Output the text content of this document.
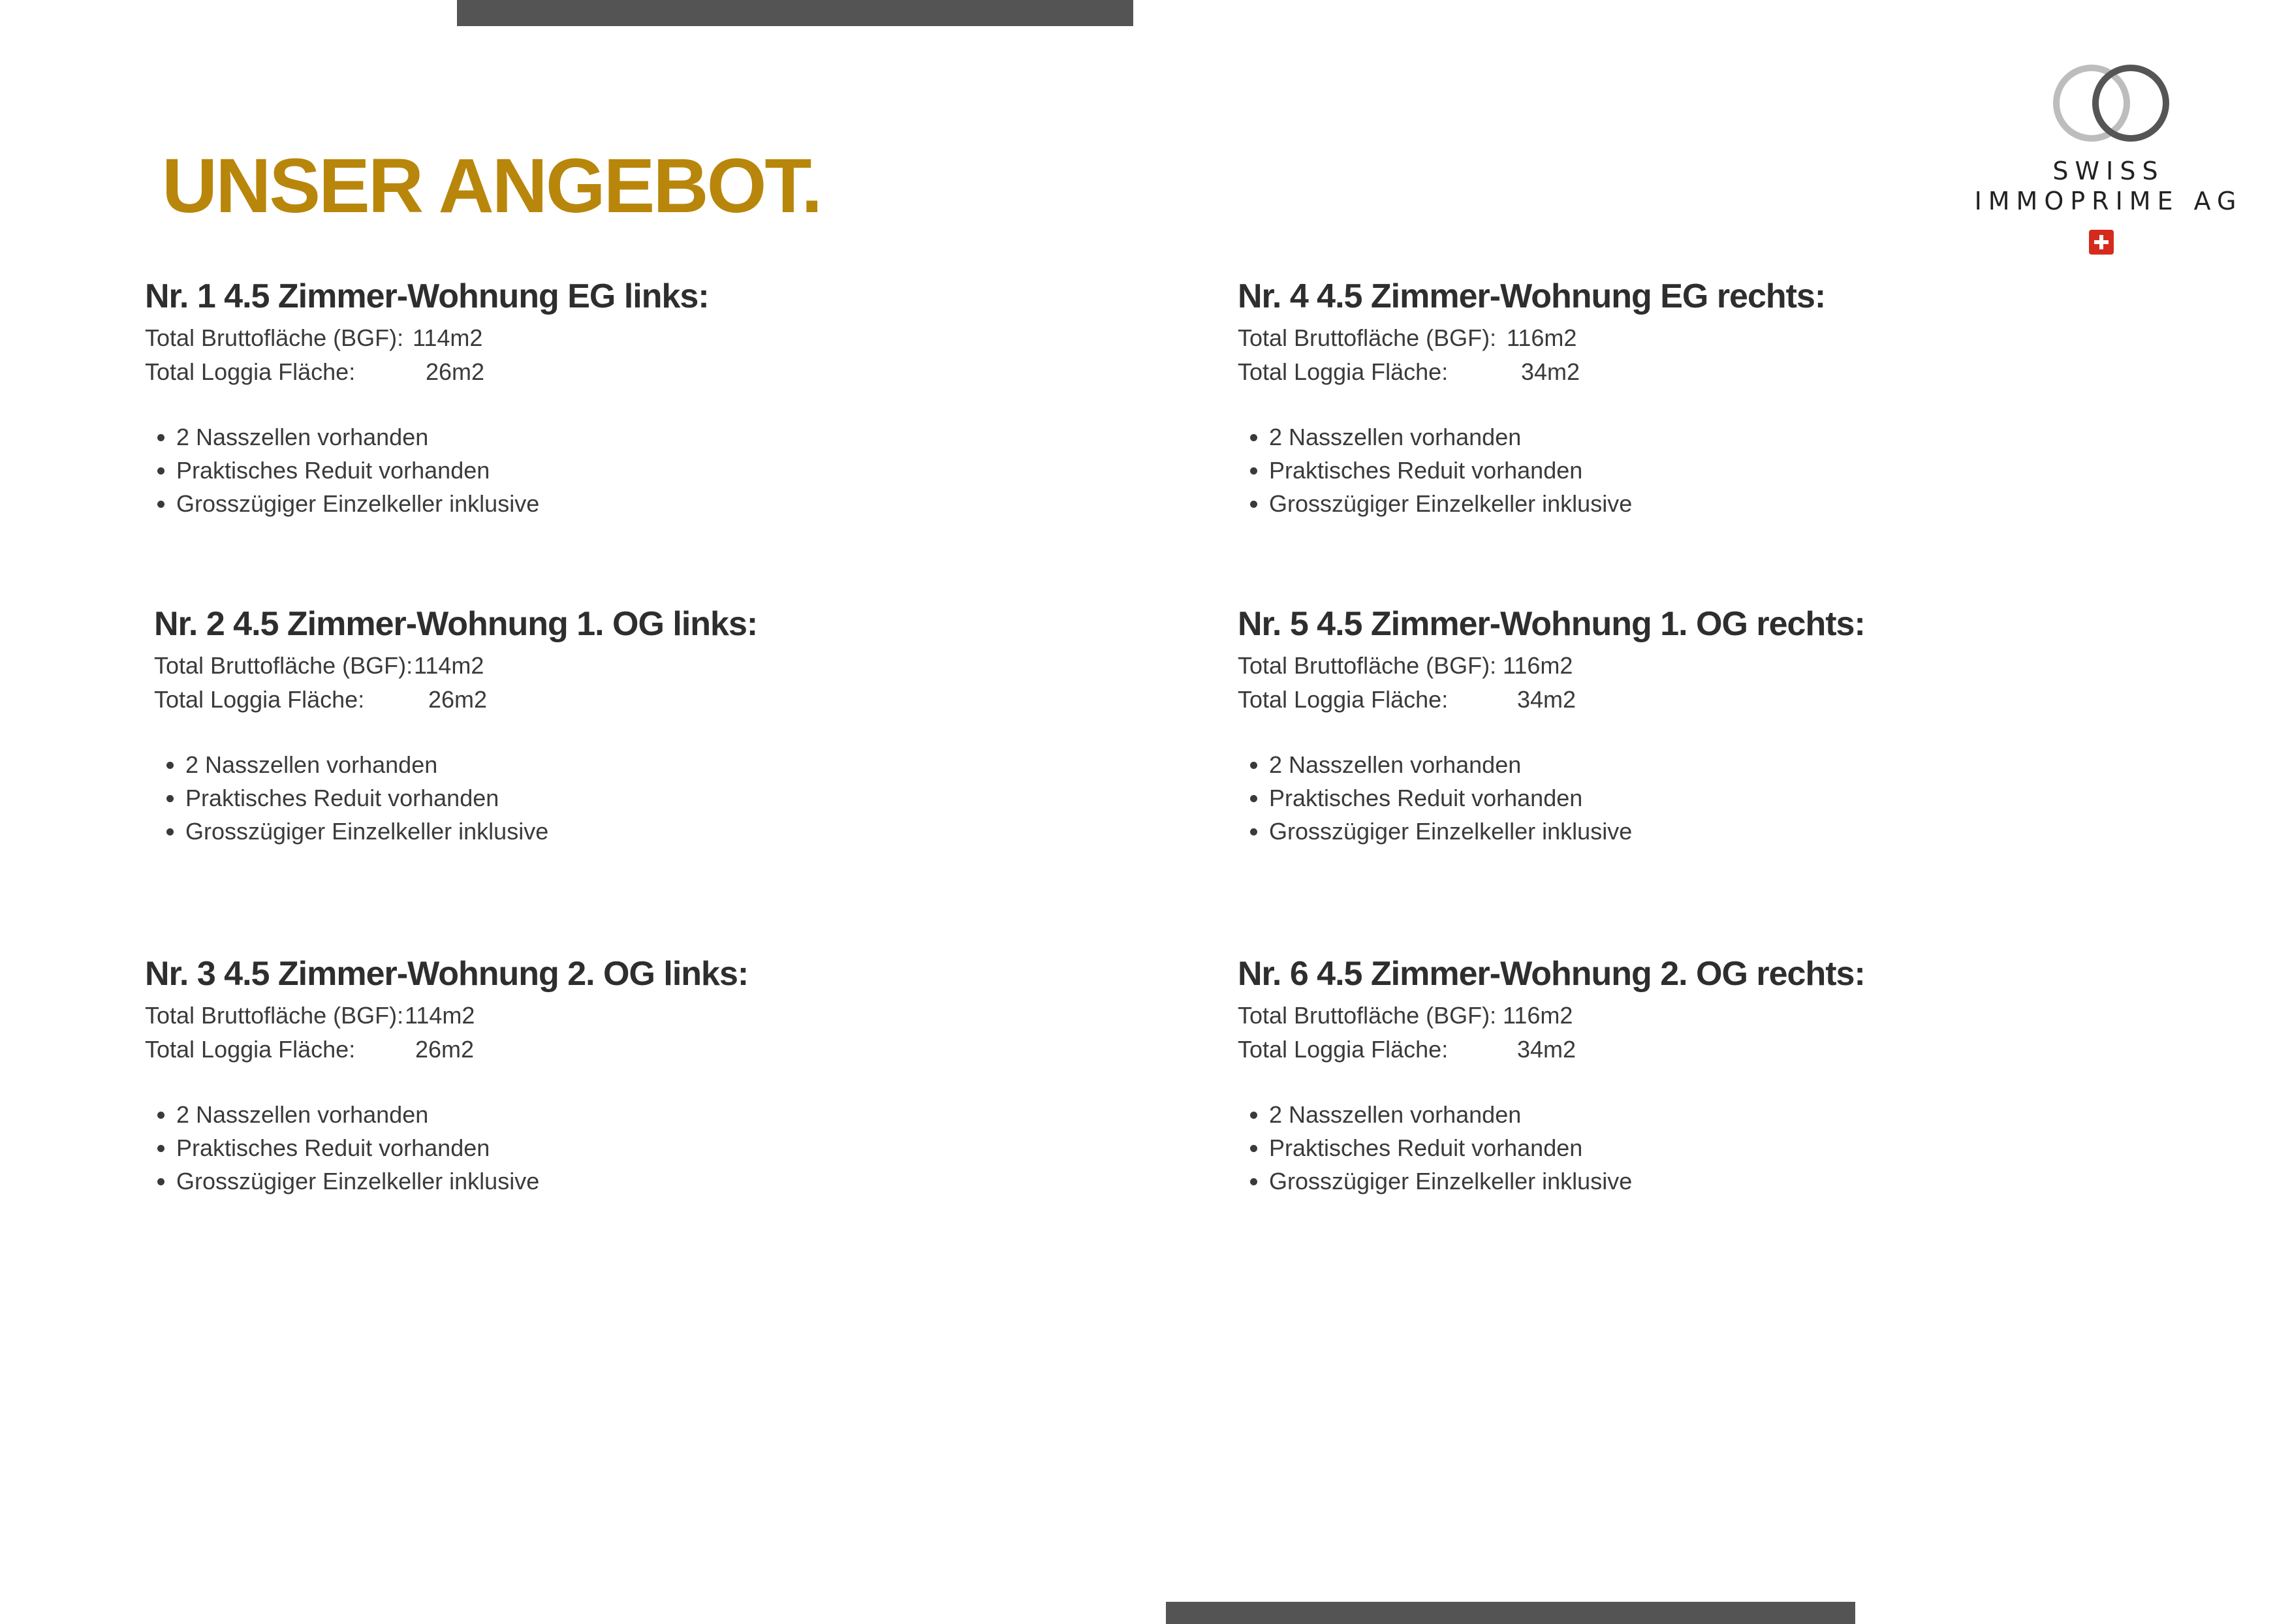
UNSER ANGEBOT.	SWISS
IMMOPRIME AG
Nr. 1 4.5 Zimmer-Wohnung EG links:
Total Bruttofläche (BGF): 114m2
Total Loggia Fläche:	26m2
• 2 Nasszellen vorhanden
• Praktisches Reduit vorhanden
• Grosszügiger Einzelkeller inklusive
Nr. 2 4.5 Zimmer-Wohnung 1. OG links:
Total Bruttofläche (BGF): 114m2
Total Loggia Fläche:	26m2
• 2 Nasszellen vorhanden
• Praktisches Reduit vorhanden
• Grosszügiger Einzelkeller inklusive
Nr. 3 4.5 Zimmer-Wohnung 2. OG links:
Total Bruttofläche (BGF): 114m2
Total Loggia Fläche:	26m2
• 2 Nasszellen vorhanden
• Praktisches Reduit vorhanden
• Grosszügiger Einzelkeller inklusive
Nr. 4 4.5 Zimmer-Wohnung EG rechts:
Total Bruttofläche (BGF): 116m2
Total Loggia Fläche:	34m2
• 2 Nasszellen vorhanden
• Praktisches Reduit vorhanden
• Grosszügiger Einzelkeller inklusive
Nr. 5 4.5 Zimmer-Wohnung 1. OG rechts:
Total Bruttofläche (BGF): 116m2
Total Loggia Fläche:	34m2
• 2 Nasszellen vorhanden
• Praktisches Reduit vorhanden
• Grosszügiger Einzelkeller inklusive
Nr. 6 4.5 Zimmer-Wohnung 2. OG rechts:
Total Bruttofläche (BGF): 116m2
Total Loggia Fläche:	34m2
• 2 Nasszellen vorhanden
• Praktisches Reduit vorhanden
• Grosszügiger Einzelkeller inklusive
